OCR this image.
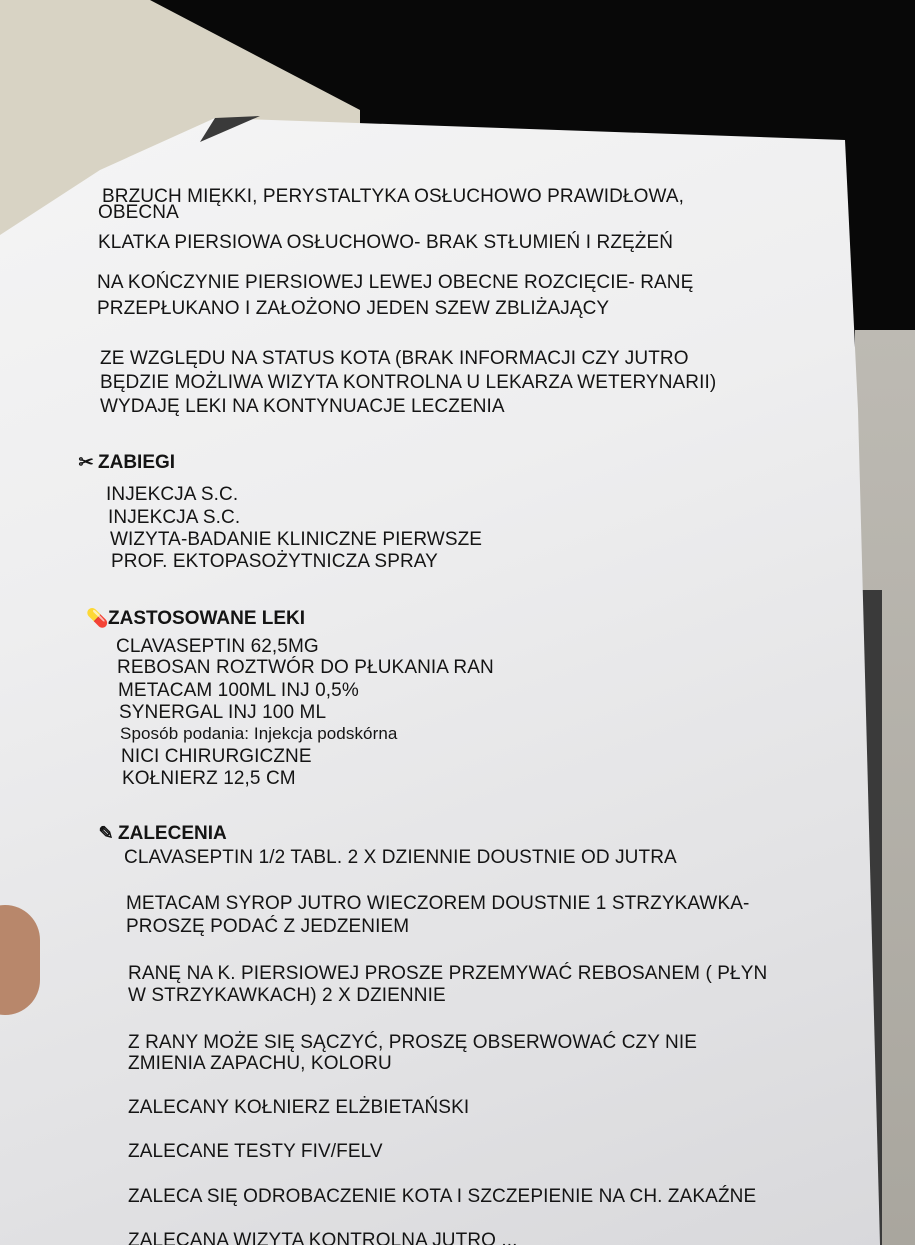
BRZUCH MIĘKKI, PERYSTALTYKA OSŁUCHOWO PRAWIDŁOWA,
OBECNA
KLATKA PIERSIOWA OSŁUCHOWO- BRAK STŁUMIEŃ I RZĘŻEŃ
NA KOŃCZYNIE PIERSIOWEJ LEWEJ OBECNE ROZCIĘCIE- RANĘ
PRZEPŁUKANO I ZAŁOŻONO JEDEN SZEW ZBLIŻAJĄCY
ZE WZGLĘDU NA STATUS KOTA (BRAK INFORMACJI CZY JUTRO
BĘDZIE MOŻLIWA WIZYTA KONTROLNA U LEKARZA WETERYNARII)
WYDAJĘ LEKI NA KONTYNUACJE LECZENIA
✂ ZABIEGI
INJEKCJA S.C.
INJEKCJA S.C.
WIZYTA-BADANIE KLINICZNE PIERWSZE
PROF. EKTOPASOŻYTNICZA SPRAY
💊ZASTOSOWANE LEKI
CLAVASEPTIN 62,5MG
REBOSAN ROZTWÓR DO PŁUKANIA RAN
METACAM 100ML INJ 0,5%
SYNERGAL INJ 100 ML
Sposób podania: Injekcja podskórna
NICI CHIRURGICZNE
KOŁNIERZ 12,5 CM
✎ ZALECENIA
CLAVASEPTIN 1/2 TABL. 2 X DZIENNIE DOUSTNIE OD JUTRA
METACAM SYROP JUTRO WIECZOREM DOUSTNIE 1 STRZYKAWKA-
PROSZĘ PODAĆ Z JEDZENIEM
RANĘ NA K. PIERSIOWEJ PROSZE PRZEMYWAĆ REBOSANEM ( PŁYN
W STRZYKAWKACH) 2 X DZIENNIE
Z RANY MOŻE SIĘ SĄCZYĆ, PROSZĘ OBSERWOWAĆ CZY NIE
ZMIENIA ZAPACHU, KOLORU
ZALECANY KOŁNIERZ ELŻBIETAŃSKI
ZALECANE TESTY FIV/FELV
ZALECA SIĘ ODROBACZENIE KOTA I SZCZEPIENIE NA CH. ZAKAŹNE
ZALECANA WIZYTA KONTROLNA JUTRO ...
